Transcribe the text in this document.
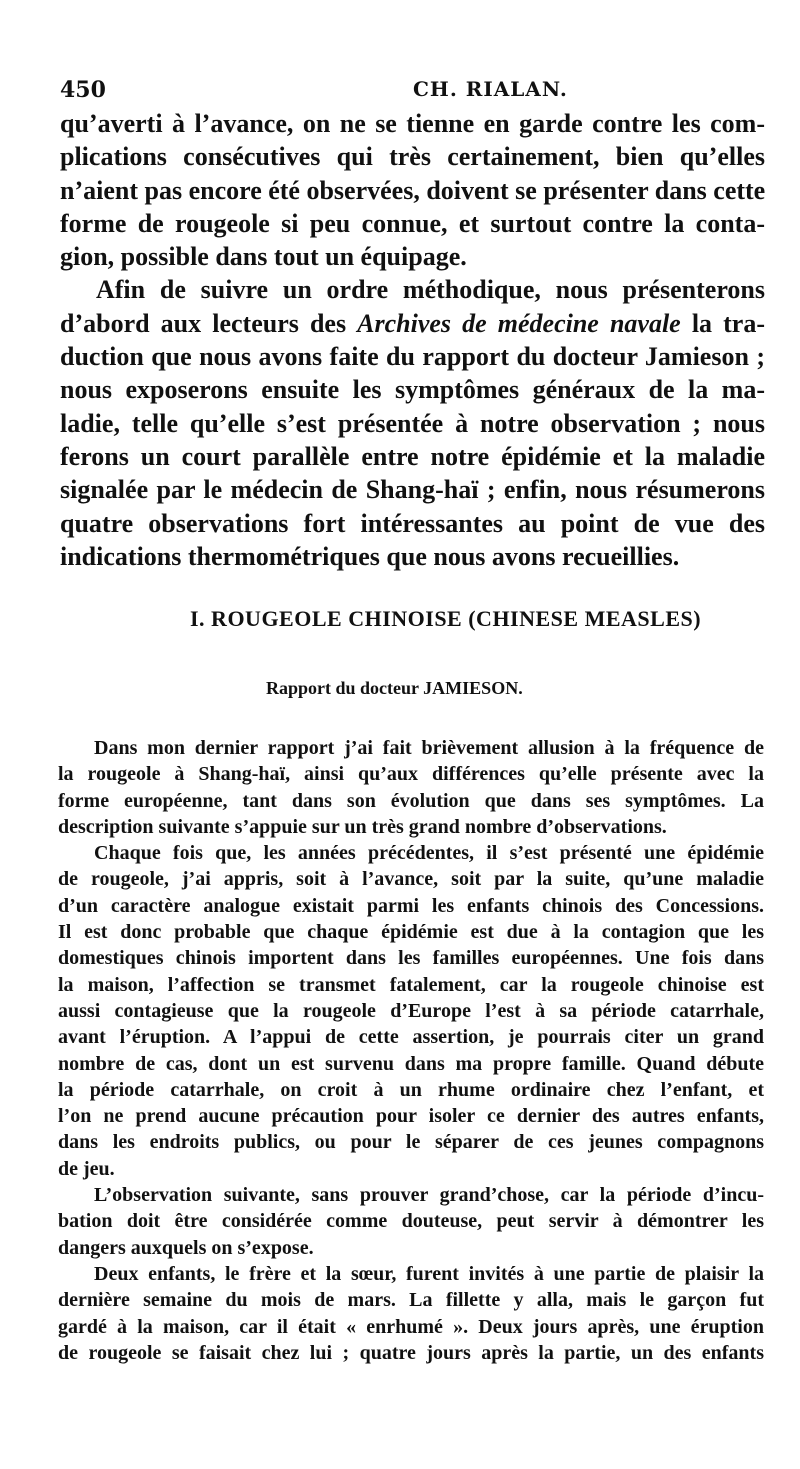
450	CH. RIALAN.
qu’averti à l’avance, on ne se tienne en garde contre les com-
plications consécutives qui très certainement, bien qu’elles
n’aient pas encore été observées, doivent se présenter dans cette
forme de rougeole si peu connue, et surtout contre la conta-
gion, possible dans tout un équipage.
Afin de suivre un ordre méthodique, nous présenterons
d’abord aux lecteurs des Archives de médecine navale la tra-
duction que nous avons faite du rapport du docteur Jamieson ;
nous exposerons ensuite les symptômes généraux de la ma-
ladie, telle qu’elle s’est présentée à notre observation ; nous
ferons un court parallèle entre notre épidémie et la maladie
signalée par le médecin de Shang-haï ; enfin, nous résumerons
quatre observations fort intéressantes au point de vue des
indications thermométriques que nous avons recueillies.
I. ROUGEOLE CHINOISE (CHINESE MEASLES)
Rapport du docteur JAMIESON.
Dans mon dernier rapport j’ai fait brièvement allusion à la fréquence de
la rougeole à Shang-haï, ainsi qu’aux différences qu’elle présente avec la
forme européenne, tant dans son évolution que dans ses symptômes. La
description suivante s’appuie sur un très grand nombre d’observations.
Chaque fois que, les années précédentes, il s’est présenté une épidémie
de rougeole, j’ai appris, soit à l’avance, soit par la suite, qu’une maladie
d’un caractère analogue existait parmi les enfants chinois des Concessions.
Il est donc probable que chaque épidémie est due à la contagion que les
domestiques chinois importent dans les familles européennes. Une fois dans
la maison, l’affection se transmet fatalement, car la rougeole chinoise est
aussi contagieuse que la rougeole d’Europe l’est à sa période catarrhale,
avant l’éruption. A l’appui de cette assertion, je pourrais citer un grand
nombre de cas, dont un est survenu dans ma propre famille. Quand débute
la période catarrhale, on croit à un rhume ordinaire chez l’enfant, et
l’on ne prend aucune précaution pour isoler ce dernier des autres enfants,
dans les endroits publics, ou pour le séparer de ces jeunes compagnons
de jeu.
L’observation suivante, sans prouver grand’chose, car la période d’incu-
bation doit être considérée comme douteuse, peut servir à démontrer les
dangers auxquels on s’expose.
Deux enfants, le frère et la sœur, furent invités à une partie de plaisir la
dernière semaine du mois de mars. La fillette y alla, mais le garçon fut
gardé à la maison, car il était « enrhumé ». Deux jours après, une éruption
de rougeole se faisait chez lui ; quatre jours après la partie, un des enfants
